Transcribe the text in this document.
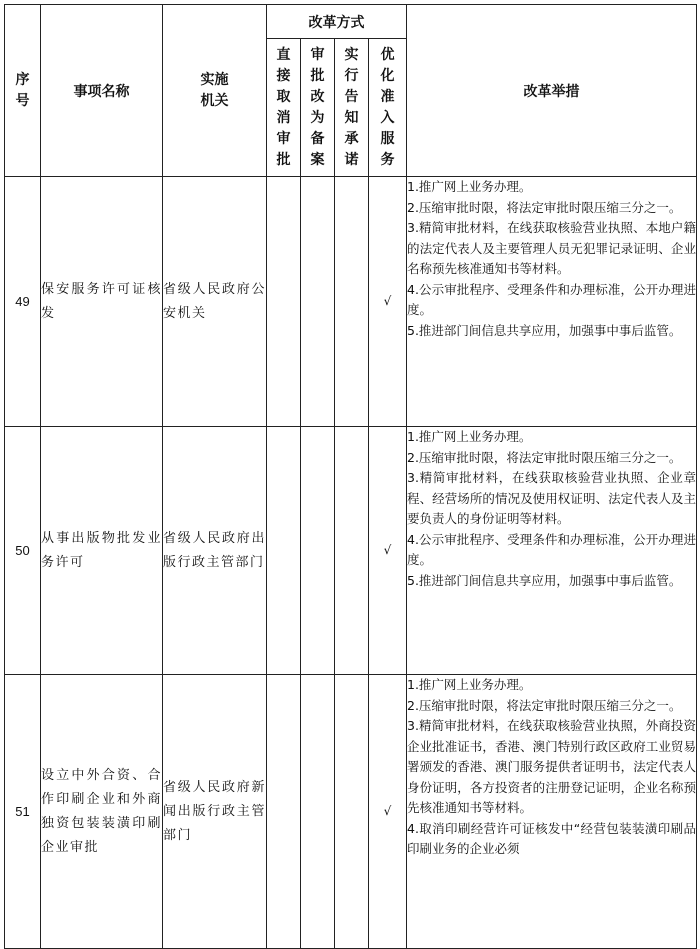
序号	事项名称	实施机关	改革方式				改革举措
			直接取消审批	审批改为备案	实行告知承诺	优化准入服务	
49	保安服务许可证核发	省级人民政府公安机关				√	1.推广网上业务办理。
2.压缩审批时限，将法定审批时限压缩三分之一。
3.精简审批材料，在线获取核验营业执照、本地户籍的法定代表人及主要管理人员无犯罪记录证明、企业名称预先核准通知书等材料。
4.公示审批程序、受理条件和办理标准，公开办理进度。
5.推进部门间信息共享应用，加强事中事后监管。

50	从事出版物批发业务许可	省级人民政府出版行政主管部门				√	1.推广网上业务办理。
2.压缩审批时限，将法定审批时限压缩三分之一。
3.精简审批材料，在线获取核验营业执照、企业章程、经营场所的情况及使用权证明、法定代表人及主要负责人的身份证明等材料。
4.公示审批程序、受理条件和办理标准，公开办理进度。
5.推进部门间信息共享应用，加强事中事后监管。

51	设立中外合资、合作印刷企业和外商独资包装装潢印刷企业审批	省级人民政府新闻出版行政主管部门				√	1.推广网上业务办理。
2.压缩审批时限，将法定审批时限压缩三分之一。
3.精简审批材料，在线获取核验营业执照，外商投资企业批准证书，香港、澳门特别行政区政府工业贸易署颁发的香港、澳门服务提供者证明书，法定代表人身份证明，各方投资者的注册登记证明，企业名称预先核准通知书等材料。
4.取消印刷经营许可证核发中“经营包装装潢印刷品印刷业务的企业必须
